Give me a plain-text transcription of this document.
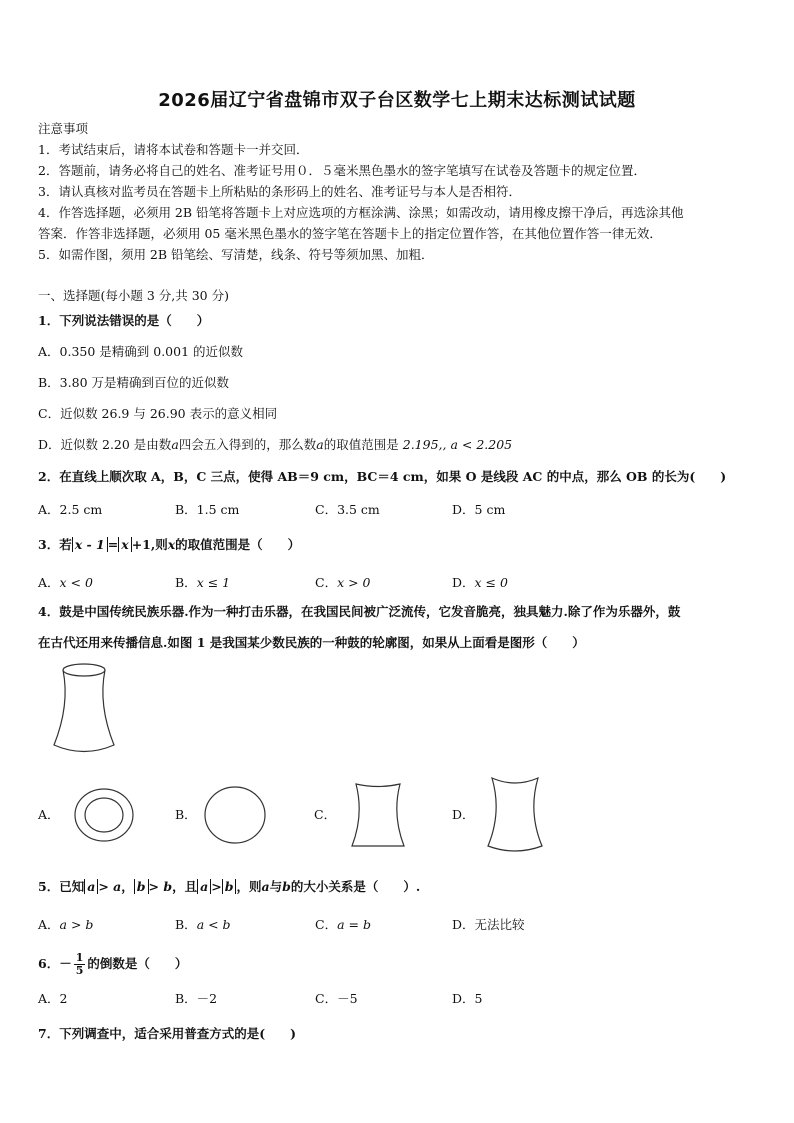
2026届辽宁省盘锦市双子台区数学七上期末达标测试试题
注意事项
1．考试结束后，请将本试卷和答题卡一并交回．
2．答题前，请务必将自己的姓名、准考证号用０．５毫米黑色墨水的签字笔填写在试卷及答题卡的规定位置．
3．请认真核对监考员在答题卡上所粘贴的条形码上的姓名、准考证号与本人是否相符．
4．作答选择题，必须用 2B 铅笔将答题卡上对应选项的方框涂满、涂黑；如需改动，请用橡皮擦干净后，再选涂其他
答案．作答非选择题，必须用 05 毫米黑色墨水的签字笔在答题卡上的指定位置作答，在其他位置作答一律无效．
5．如需作图，须用 2B 铅笔绘、写清楚，线条、符号等须加黑、加粗．
一、选择题(每小题 3 分,共 30 分)
1．下列说法错误的是（　　）
A．0.350 是精确到 0.001 的近似数
B．3.80 万是精确到百位的近似数
C．近似数 26.9 与 26.90 表示的意义相同
D．近似数 2.20 是由数a四会五入得到的，那么数a的取值范围是 2.195,, a < 2.205
2．在直线上顺次取 A，B，C 三点，使得 AB＝9 cm，BC＝4 cm，如果 O 是线段 AC 的中点，那么 OB 的长为(　　)
A．2.5 cm	B．1.5 cm	C．3.5 cm	D．5 cm
3．若 x - 1 = x +1,则x的取值范围是（　　）
A．x < 0	B．x ≤ 1	C．x > 0	D．x ≤ 0
4．鼓是中国传统民族乐器.作为一种打击乐器，在我国民间被广泛流传，它发音脆亮，独具魅力.除了作为乐器外，鼓
在古代还用来传播信息.如图 1 是我国某少数民族的一种鼓的轮廓图，如果从上面看是图形（　　）
A．	B．	C．	D．
5．已知 a > a， b > b，且 a > b ，则a与b的大小关系是（　　）.
A．a > b	B．a < b	C．a = b	D．无法比较
6．－ $\frac{1}{5}$ 的倒数是（　　）
A．2	B．－2	C．－5	D．5
7．下列调查中，适合采用普查方式的是(　　)
